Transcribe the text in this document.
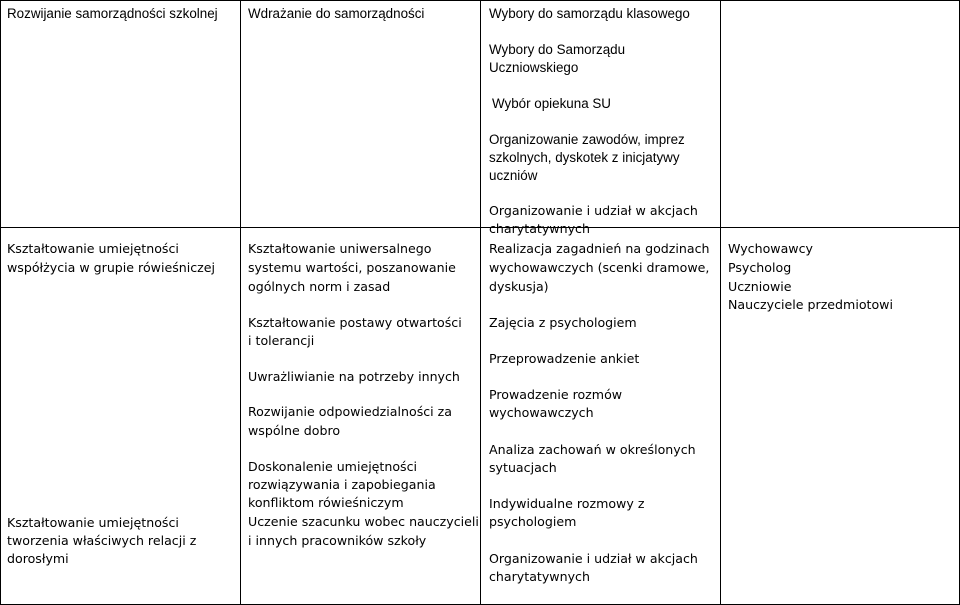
Rozwijanie samorządności szkolnej Wdrażanie do samorządności	Wybory do samorządu klasowego
Wybory do Samorządu
Uczniowskiego
Wybór opiekuna SU
Organizowanie zawodów, imprez
szkolnych, dyskotek z inicjatywy
uczniów
Organizowanie i udział w akcjach
charytatywnych
Kształtowanie umiejętności
współżycia w grupie rówieśniczej
Kształtowanie umiejętności
tworzenia właściwych relacji z
dorosłymi
Kształtowanie uniwersalnego
systemu wartości, poszanowanie
ogólnych norm i zasad
Kształtowanie postawy otwartości
i tolerancji
Uwrażliwianie na potrzeby innych
Rozwijanie odpowiedzialności za
wspólne dobro
Doskonalenie umiejętności
rozwiązywania i zapobiegania
konfliktom rówieśniczym
Uczenie szacunku wobec nauczycieli
i innych pracowników szkoły
Realizacja zagadnień na godzinach
wychowawczych (scenki dramowe,
dyskusja)
Zajęcia z psychologiem
Przeprowadzenie ankiet
Prowadzenie rozmów
wychowawczych
Analiza zachowań w określonych
sytuacjach
Indywidualne rozmowy z
psychologiem
Organizowanie i udział w akcjach
charytatywnych
Wychowawcy
Psycholog
Uczniowie
Nauczyciele przedmiotowi
